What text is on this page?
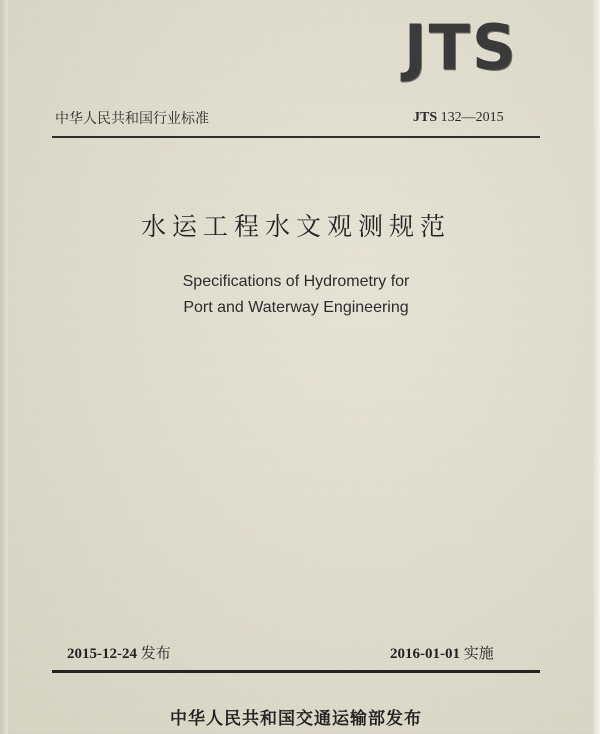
JTS
中华人民共和国行业标准	JTS 132—2015
水运工程水文观测规范
Specifications of Hydrometry for
Port and Waterway Engineering
2015-12-24 发布	2016-01-01 实施
中华人民共和国交通运输部发布
